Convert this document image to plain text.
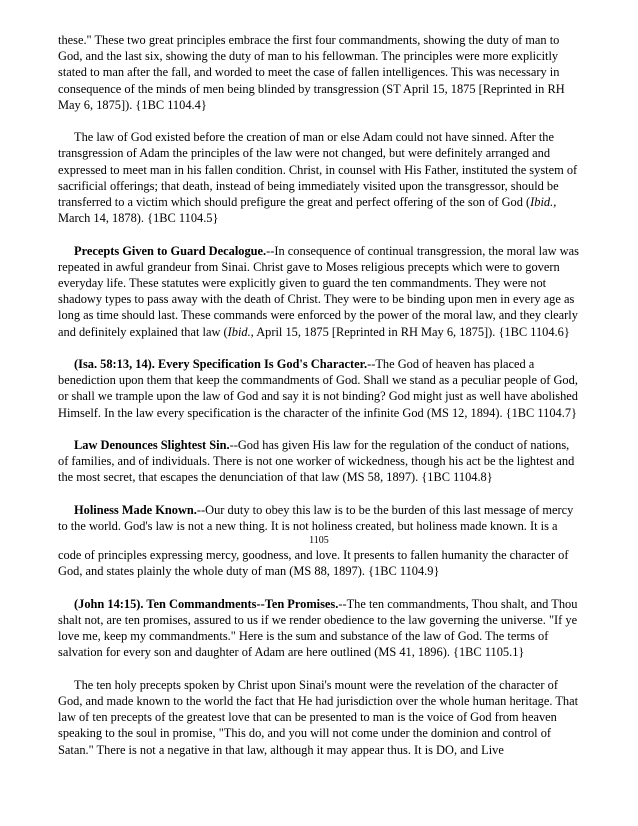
these." These two great principles embrace the first four commandments, showing the duty of man to God, and the last six, showing the duty of man to his fellowman. The principles were more explicitly stated to man after the fall, and worded to meet the case of fallen intelligences. This was necessary in consequence of the minds of men being blinded by transgression (ST April 15, 1875 [Reprinted in RH May 6, 1875]). {1BC 1104.4}

The law of God existed before the creation of man or else Adam could not have sinned. After the transgression of Adam the principles of the law were not changed, but were definitely arranged and expressed to meet man in his fallen condition. Christ, in counsel with His Father, instituted the system of sacrificial offerings; that death, instead of being immediately visited upon the transgressor, should be transferred to a victim which should prefigure the great and perfect offering of the son of God (Ibid., March 14, 1878). {1BC 1104.5}

Precepts Given to Guard Decalogue.--In consequence of continual transgression, the moral law was repeated in awful grandeur from Sinai. Christ gave to Moses religious precepts which were to govern everyday life. These statutes were explicitly given to guard the ten commandments. They were not shadowy types to pass away with the death of Christ. They were to be binding upon men in every age as long as time should last. These commands were enforced by the power of the moral law, and they clearly and definitely explained that law (Ibid., April 15, 1875 [Reprinted in RH May 6, 1875]). {1BC 1104.6}

(Isa. 58:13, 14). Every Specification Is God's Character.--The God of heaven has placed a benediction upon them that keep the commandments of God. Shall we stand as a peculiar people of God, or shall we trample upon the law of God and say it is not binding? God might just as well have abolished Himself. In the law every specification is the character of the infinite God (MS 12, 1894). {1BC 1104.7}

Law Denounces Slightest Sin.--God has given His law for the regulation of the conduct of nations, of families, and of individuals. There is not one worker of wickedness, though his act be the lightest and the most secret, that escapes the denunciation of that law (MS 58, 1897). {1BC 1104.8}

Holiness Made Known.--Our duty to obey this law is to be the burden of this last message of mercy to the world. God's law is not a new thing. It is not holiness created, but holiness made known. It is a

1105

code of principles expressing mercy, goodness, and love. It presents to fallen humanity the character of God, and states plainly the whole duty of man (MS 88, 1897). {1BC 1104.9}

(John 14:15). Ten Commandments--Ten Promises.--The ten commandments, Thou shalt, and Thou shalt not, are ten promises, assured to us if we render obedience to the law governing the universe. "If ye love me, keep my commandments." Here is the sum and substance of the law of God. The terms of salvation for every son and daughter of Adam are here outlined (MS 41, 1896). {1BC 1105.1}

The ten holy precepts spoken by Christ upon Sinai's mount were the revelation of the character of God, and made known to the world the fact that He had jurisdiction over the whole human heritage. That law of ten precepts of the greatest love that can be presented to man is the voice of God from heaven speaking to the soul in promise, "This do, and you will not come under the dominion and control of Satan." There is not a negative in that law, although it may appear thus. It is DO, and Live
